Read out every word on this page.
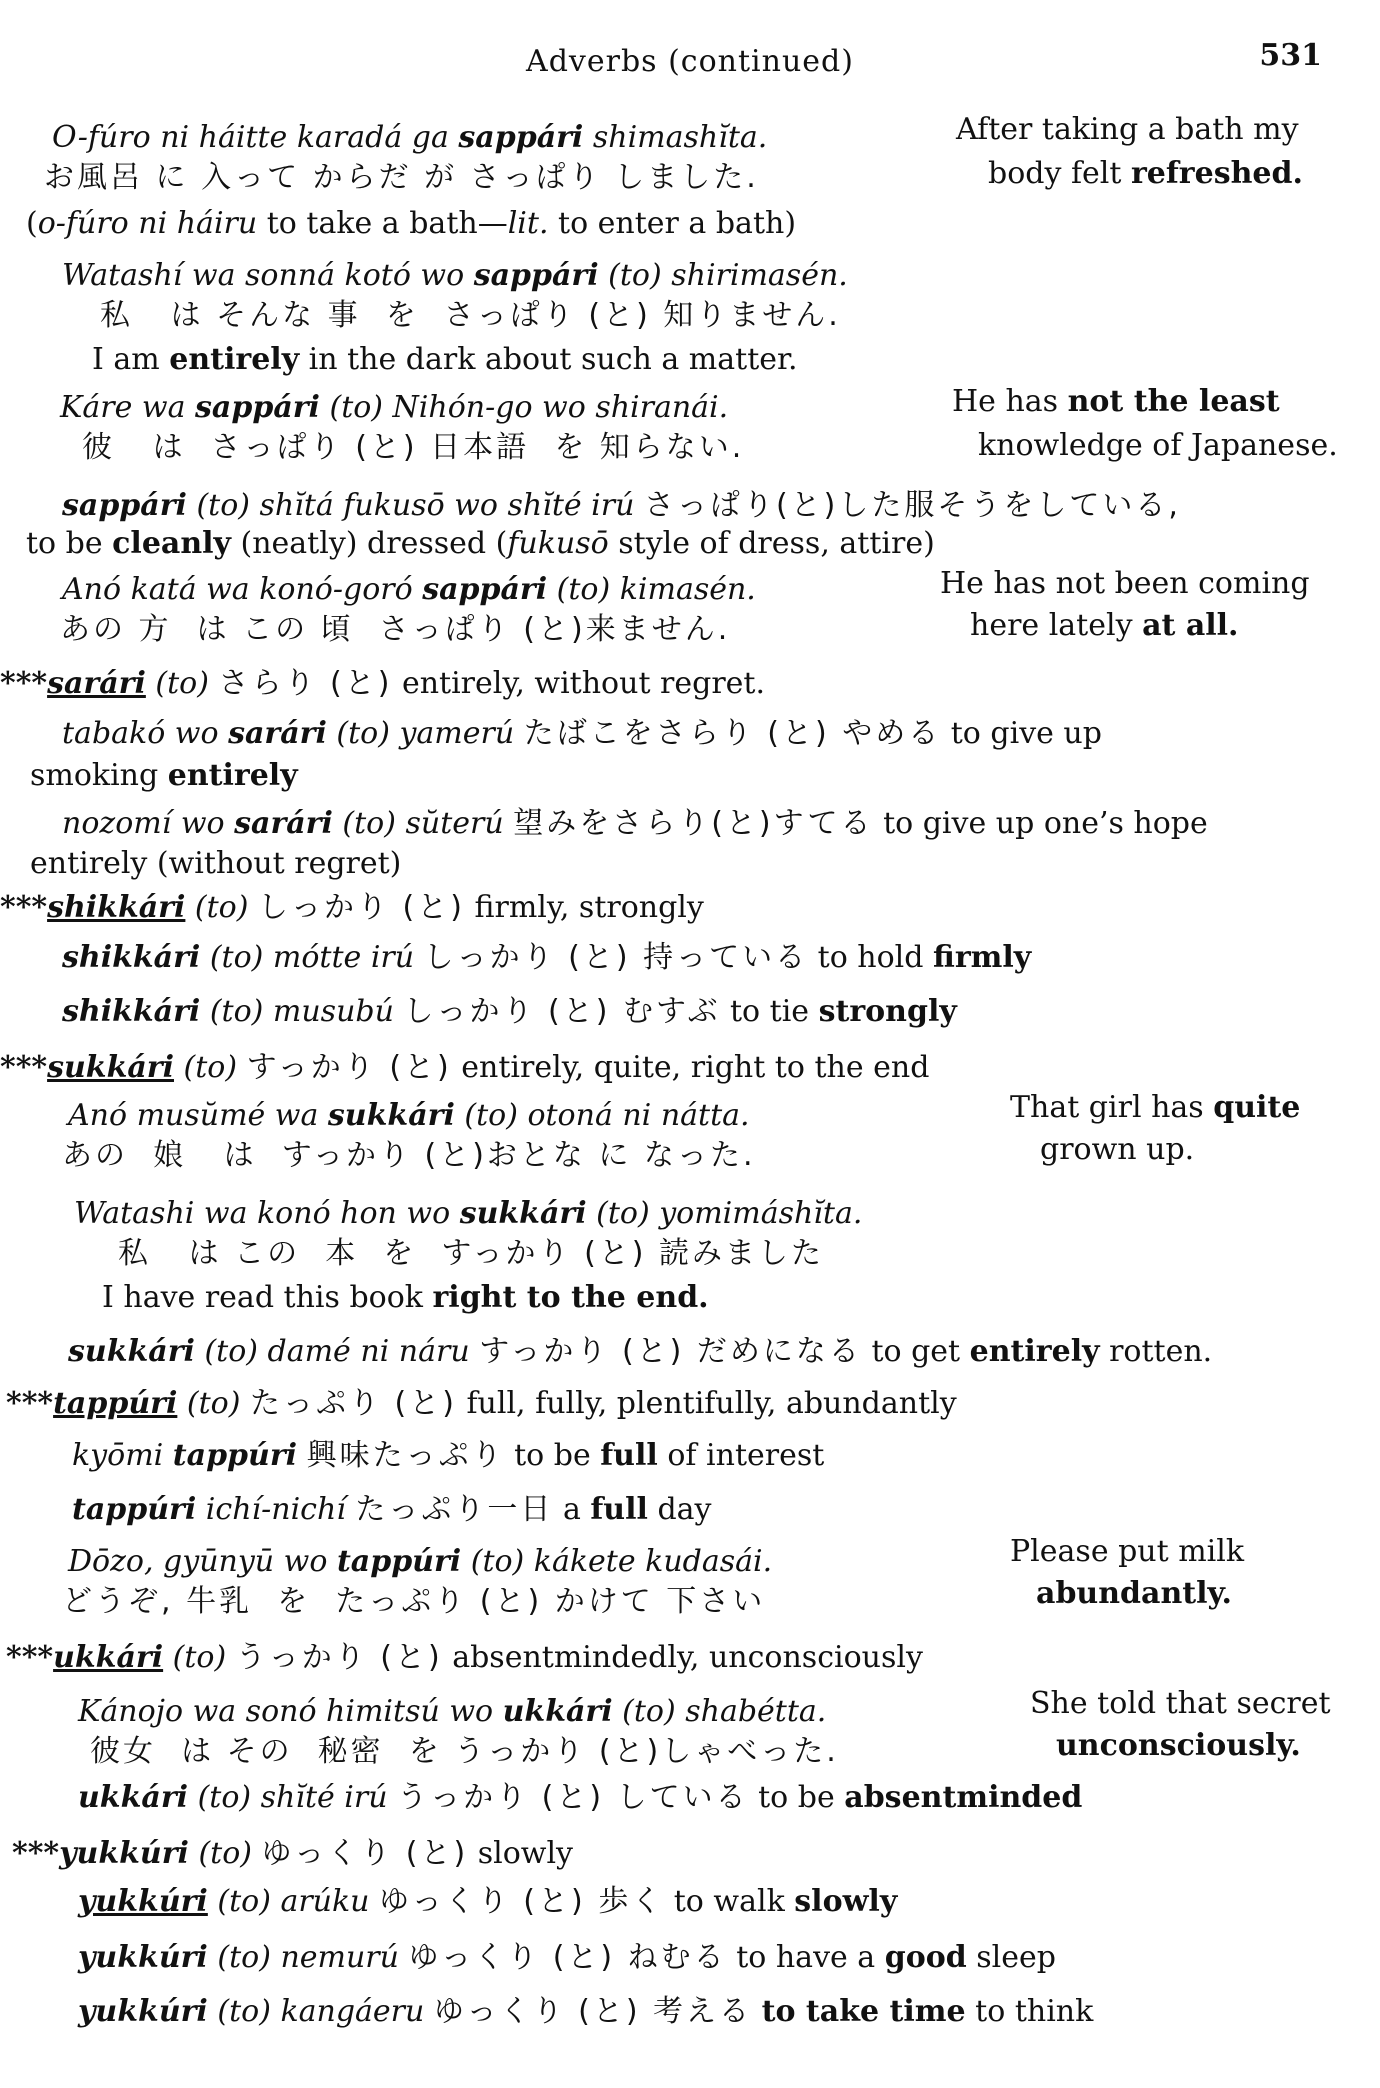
Adverbs (continued)	531
O-fúro ni háitte karadá ga sappári shimashĭta.	After taking a bath my
お風呂 に 入って からだ が さっぱり しました.	body felt refreshed.
(o-fúro ni háiru to take a bath—lit. to enter a bath)
Watashí wa sonná kotó wo sappári (to) shirimasén.
私   は そんな 事  を  さっぱり (と) 知りません.
I am entirely in the dark about such a matter.
Káre wa sappári (to) Nihón-go wo shiranái.	He has not the least
彼   は  さっぱり (と) 日本語  を 知らない.	knowledge of Japanese.
sappári (to) shĭtá fukusō wo shĭté irú さっぱり(と)した服そうをしている,
to be cleanly (neatly) dressed (fukusō style of dress, attire)
Anó katá wa konó-goró sappári (to) kimasén.	He has not been coming
あの 方  は この 頃  さっぱり (と)来ません.	here lately at all.
***sarári (to) さらり (と) entirely, without regret.
tabakó wo sarári (to) yamerú たばこをさらり (と) やめる to give up
smoking entirely
nozomí wo sarári (to) sŭterú 望みをさらり(と)すてる to give up one’s hope
entirely (without regret)
***shikkári (to) しっかり (と) firmly, strongly
shikkári (to) mótte irú しっかり (と) 持っている to hold firmly
shikkári (to) musubú しっかり (と) むすぶ to tie strongly
***sukkári (to) すっかり (と) entirely, quite, right to the end
Anó musŭmé wa sukkári (to) otoná ni nátta.	That girl has quite
あの  娘   は  すっかり (と)おとな に なった.	grown up.
Watashi wa konó hon wo sukkári (to) yomimáshĭta.
私   は この  本  を  すっかり (と) 読みました
I have read this book right to the end.
sukkári (to) damé ni náru すっかり (と) だめになる to get entirely rotten.
***tappúri (to) たっぷり (と) full, fully, plentifully, abundantly
kyōmi tappúri 興味たっぷり to be full of interest
tappúri ichí-nichí たっぷり一日 a full day
Dōzo, gyūnyū wo tappúri (to) kákete kudasái.	Please put milk
どうぞ, 牛乳  を  たっぷり (と) かけて 下さい	abundantly.
***ukkári (to) うっかり (と) absentmindedly, unconsciously
Kánojo wa sonó himitsú wo ukkári (to) shabétta.	She told that secret
彼女  は その  秘密  を うっかり (と)しゃべった.	unconsciously.
ukkári (to) shĭté irú うっかり (と) している to be absentminded
***yukkúri (to) ゆっくり (と) slowly
yukkúri (to) arúku ゆっくり (と) 歩く to walk slowly
yukkúri (to) nemurú ゆっくり (と) ねむる to have a good sleep
yukkúri (to) kangáeru ゆっくり (と) 考える to take time to think
